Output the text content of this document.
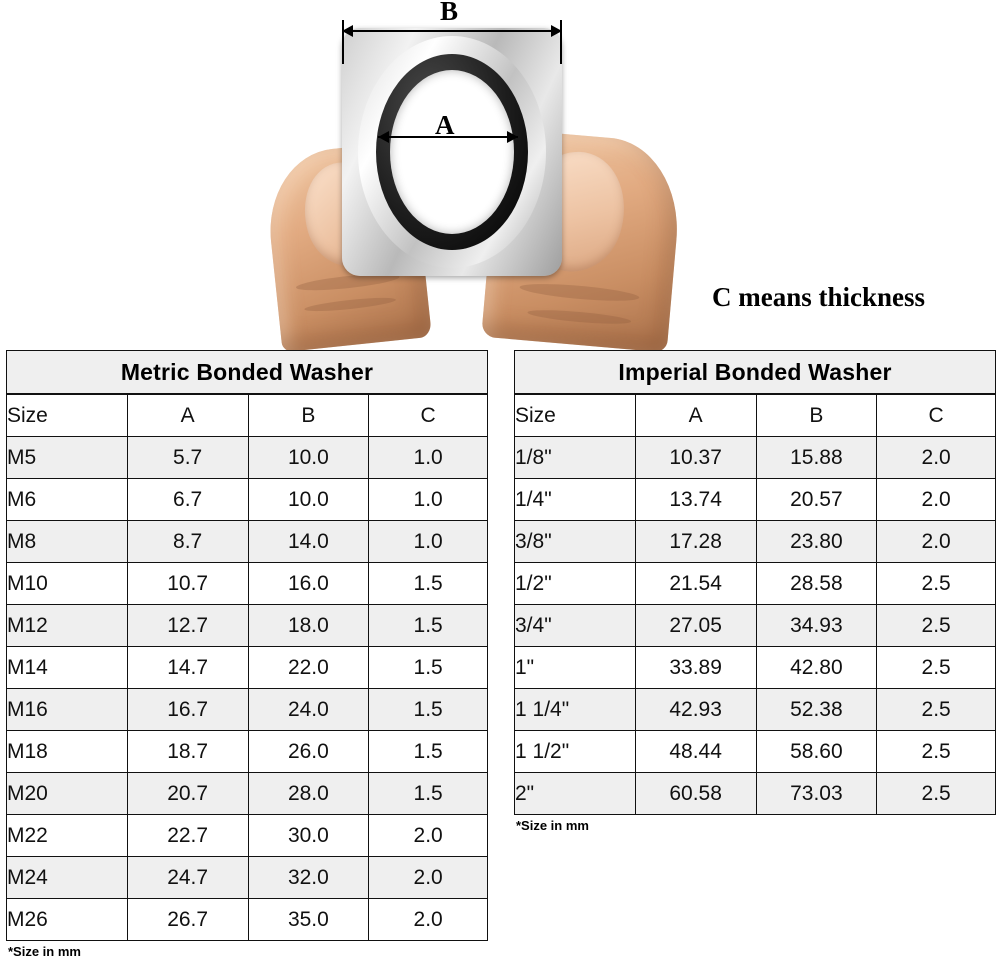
B
A
C means thickness
Metric Bonded Washer
Size	A	B	C
M5	5.7	10.0	1.0
M6	6.7	10.0	1.0
M8	8.7	14.0	1.0
M10	10.7	16.0	1.5
M12	12.7	18.0	1.5
M14	14.7	22.0	1.5
M16	16.7	24.0	1.5
M18	18.7	26.0	1.5
M20	20.7	28.0	1.5
M22	22.7	30.0	2.0
M24	24.7	32.0	2.0
M26	26.7	35.0	2.0
*Size in mm
Imperial Bonded Washer
Size	A	B	C
1/8"	10.37	15.88	2.0
1/4"	13.74	20.57	2.0
3/8"	17.28	23.80	2.0
1/2"	21.54	28.58	2.5
3/4"	27.05	34.93	2.5
1"	33.89	42.80	2.5
1 1/4"	42.93	52.38	2.5
1 1/2"	48.44	58.60	2.5
2"	60.58	73.03	2.5
*Size in mm
